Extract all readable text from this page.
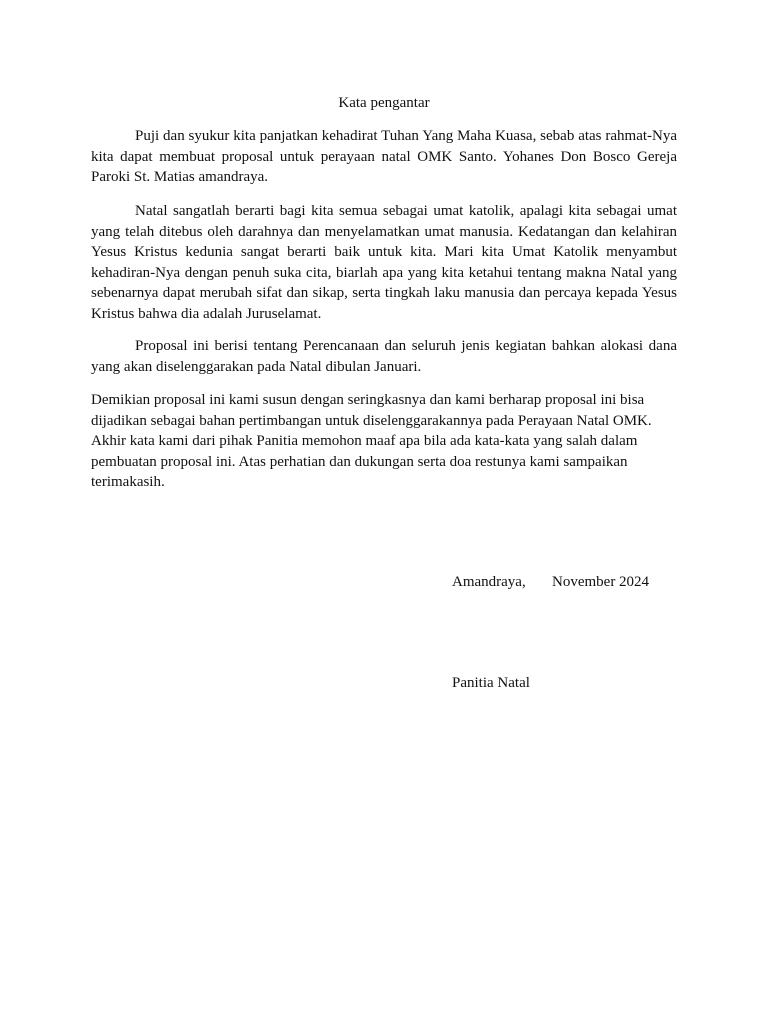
Kata pengantar

Puji dan syukur kita panjatkan kehadirat Tuhan Yang Maha Kuasa, sebab atas rahmat-Nya kita dapat membuat proposal untuk perayaan natal OMK Santo. Yohanes Don Bosco Gereja Paroki St. Matias amandraya.

Natal sangatlah berarti bagi kita semua sebagai umat katolik, apalagi kita sebagai umat yang telah ditebus oleh darahnya dan menyelamatkan umat manusia. Kedatangan dan kelahiran Yesus Kristus kedunia sangat berarti baik untuk kita. Mari kita Umat Katolik menyambut kehadiran-Nya dengan penuh suka cita, biarlah apa yang kita ketahui tentang makna Natal yang sebenarnya dapat merubah sifat dan sikap, serta tingkah laku manusia dan percaya kepada Yesus Kristus bahwa dia adalah Juruselamat.

Proposal ini berisi tentang Perencanaan dan seluruh jenis kegiatan bahkan alokasi dana yang akan diselenggarakan pada Natal dibulan Januari.

Demikian proposal ini kami susun dengan seringkasnya dan kami berharap proposal ini bisa dijadikan sebagai bahan pertimbangan untuk diselenggarakannya pada Perayaan Natal OMK. Akhir kata kami dari pihak Panitia memohon maaf apa bila ada kata-kata yang salah dalam pembuatan proposal ini. Atas perhatian dan dukungan serta doa restunya kami sampaikan terimakasih.

Amandraya, November 2024
Panitia Natal
